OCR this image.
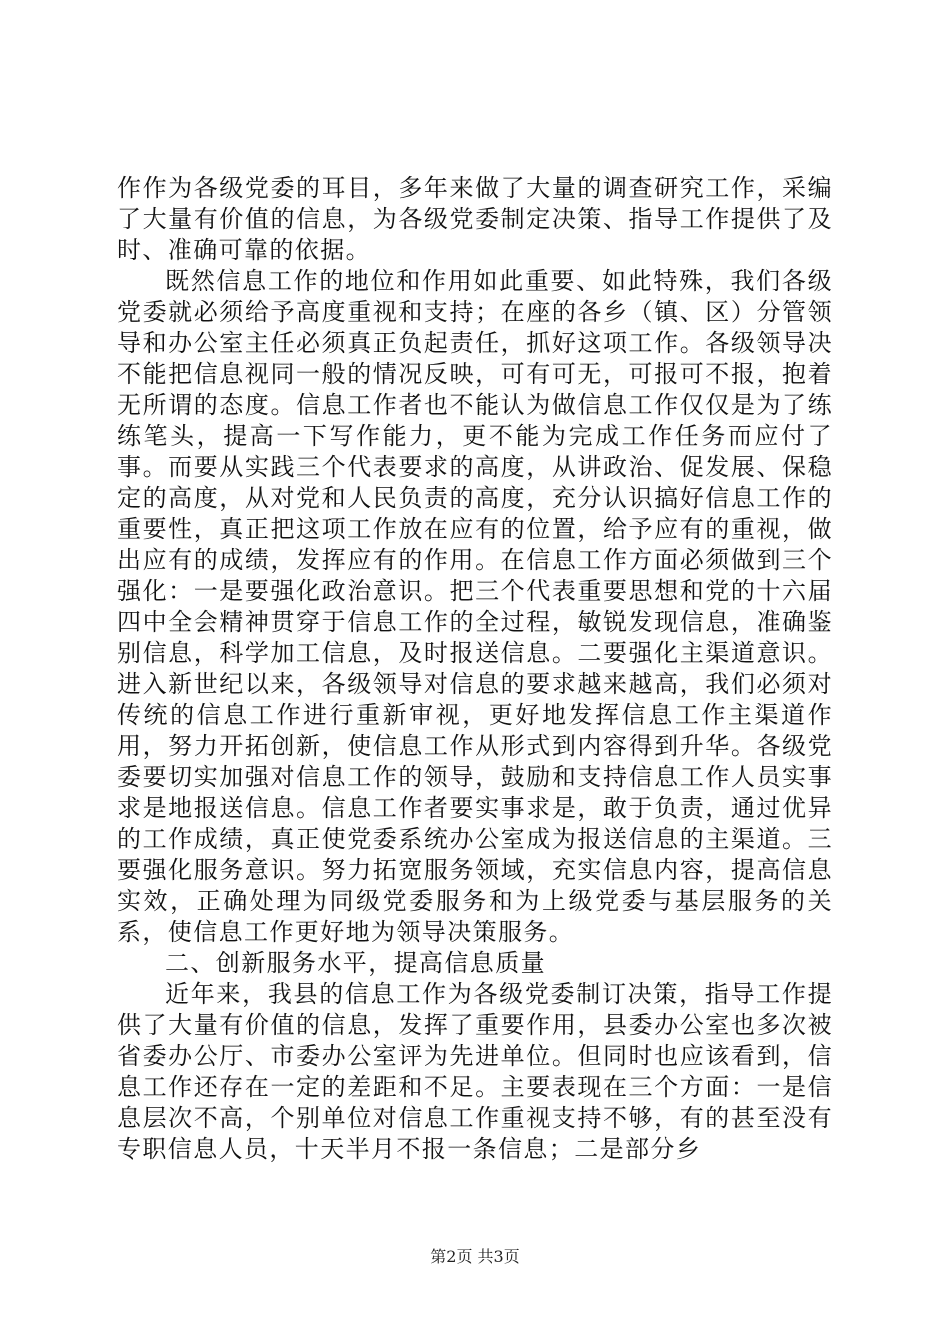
作作为各级党委的耳目，多年来做了大量的调查研究工作，采编了大量有价值的信息，为各级党委制定决策、指导工作提供了及时、准确可靠的依据。

既然信息工作的地位和作用如此重要、如此特殊，我们各级党委就必须给予高度重视和支持；在座的各乡（镇、区）分管领导和办公室主任必须真正负起责任，抓好这项工作。各级领导决不能把信息视同一般的情况反映，可有可无，可报可不报，抱着无所谓的态度。信息工作者也不能认为做信息工作仅仅是为了练练笔头，提高一下写作能力，更不能为完成工作任务而应付了事。而要从实践三个代表要求的高度，从讲政治、促发展、保稳定的高度，从对党和人民负责的高度，充分认识搞好信息工作的重要性，真正把这项工作放在应有的位置，给予应有的重视，做出应有的成绩，发挥应有的作用。在信息工作方面必须做到三个强化：一是要强化政治意识。把三个代表重要思想和党的十六届四中全会精神贯穿于信息工作的全过程，敏锐发现信息，准确鉴别信息，科学加工信息，及时报送信息。二要强化主渠道意识。进入新世纪以来，各级领导对信息的要求越来越高，我们必须对传统的信息工作进行重新审视，更好地发挥信息工作主渠道作用，努力开拓创新，使信息工作从形式到内容得到升华。各级党委要切实加强对信息工作的领导，鼓励和支持信息工作人员实事求是地报送信息。信息工作者要实事求是，敢于负责，通过优异的工作成绩，真正使党委系统办公室成为报送信息的主渠道。三要强化服务意识。努力拓宽服务领域，充实信息内容，提高信息实效，正确处理为同级党委服务和为上级党委与基层服务的关系，使信息工作更好地为领导决策服务。

二、创新服务水平，提高信息质量

近年来，我县的信息工作为各级党委制订决策，指导工作提供了大量有价值的信息，发挥了重要作用，县委办公室也多次被省委办公厅、市委办公室评为先进单位。但同时也应该看到，信息工作还存在一定的差距和不足。主要表现在三个方面：一是信息层次不高，个别单位对信息工作重视支持不够，有的甚至没有专职信息人员，十天半月不报一条信息；二是部分乡

第2页 共3页
